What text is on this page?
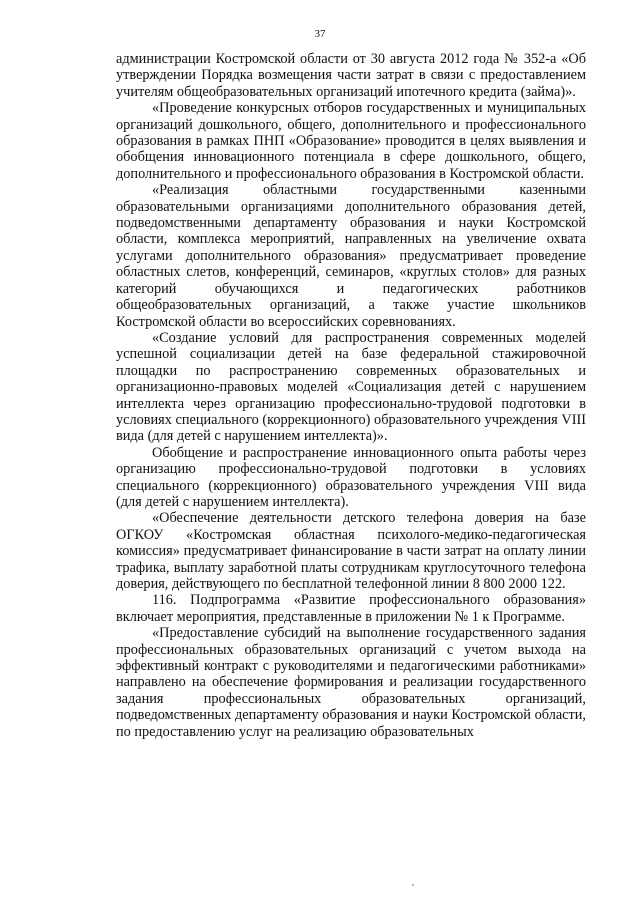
37

администрации Костромской области от 30 августа 2012 года № 352-а «Об утверждении Порядка возмещения части затрат в связи с предоставлением учителям общеобразовательных организаций ипотечного кредита (займа)».

«Проведение конкурсных отборов государственных и муниципальных организаций дошкольного, общего, дополнительного и профессионального образования в рамках ПНП «Образование» проводится в целях выявления и обобщения инновационного потенциала в сфере дошкольного, общего, дополнительного и профессионального образования в Костромской области.

«Реализация областными государственными казенными образовательными организациями дополнительного образования детей, подведомственными департаменту образования и науки Костромской области, комплекса мероприятий, направленных на увеличение охвата услугами дополнительного образования» предусматривает проведение областных слетов, конференций, семинаров, «круглых столов» для разных категорий обучающихся и педагогических работников общеобразовательных организаций, а также участие школьников Костромской области во всероссийских соревнованиях.

«Создание условий для распространения современных моделей успешной социализации детей на базе федеральной стажировочной площадки по распространению современных образовательных и организационно-правовых моделей «Социализация детей с нарушением интеллекта через организацию профессионально-трудовой подготовки в условиях специального (коррекционного) образовательного учреждения VIII вида (для детей с нарушением интеллекта)».

Обобщение и распространение инновационного опыта работы через организацию профессионально-трудовой подготовки в условиях специального (коррекционного) образовательного учреждения VIII вида (для детей с нарушением интеллекта).

«Обеспечение деятельности детского телефона доверия на базе ОГКОУ «Костромская областная психолого-медико-педагогическая комиссия» предусматривает финансирование в части затрат на оплату линии трафика, выплату заработной платы сотрудникам круглосуточного телефона доверия, действующего по бесплатной телефонной линии 8 800 2000 122.

116. Подпрограмма «Развитие профессионального образования» включает мероприятия, представленные в приложении № 1 к Программе.

«Предоставление субсидий на выполнение государственного задания профессиональных образовательных организаций с учетом выхода на эффективный контракт с руководителями и педагогическими работниками» направлено на обеспечение формирования и реализации государственного задания профессиональных образовательных организаций, подведомственных департаменту образования и науки Костромской области, по предоставлению услуг на реализацию образовательных
